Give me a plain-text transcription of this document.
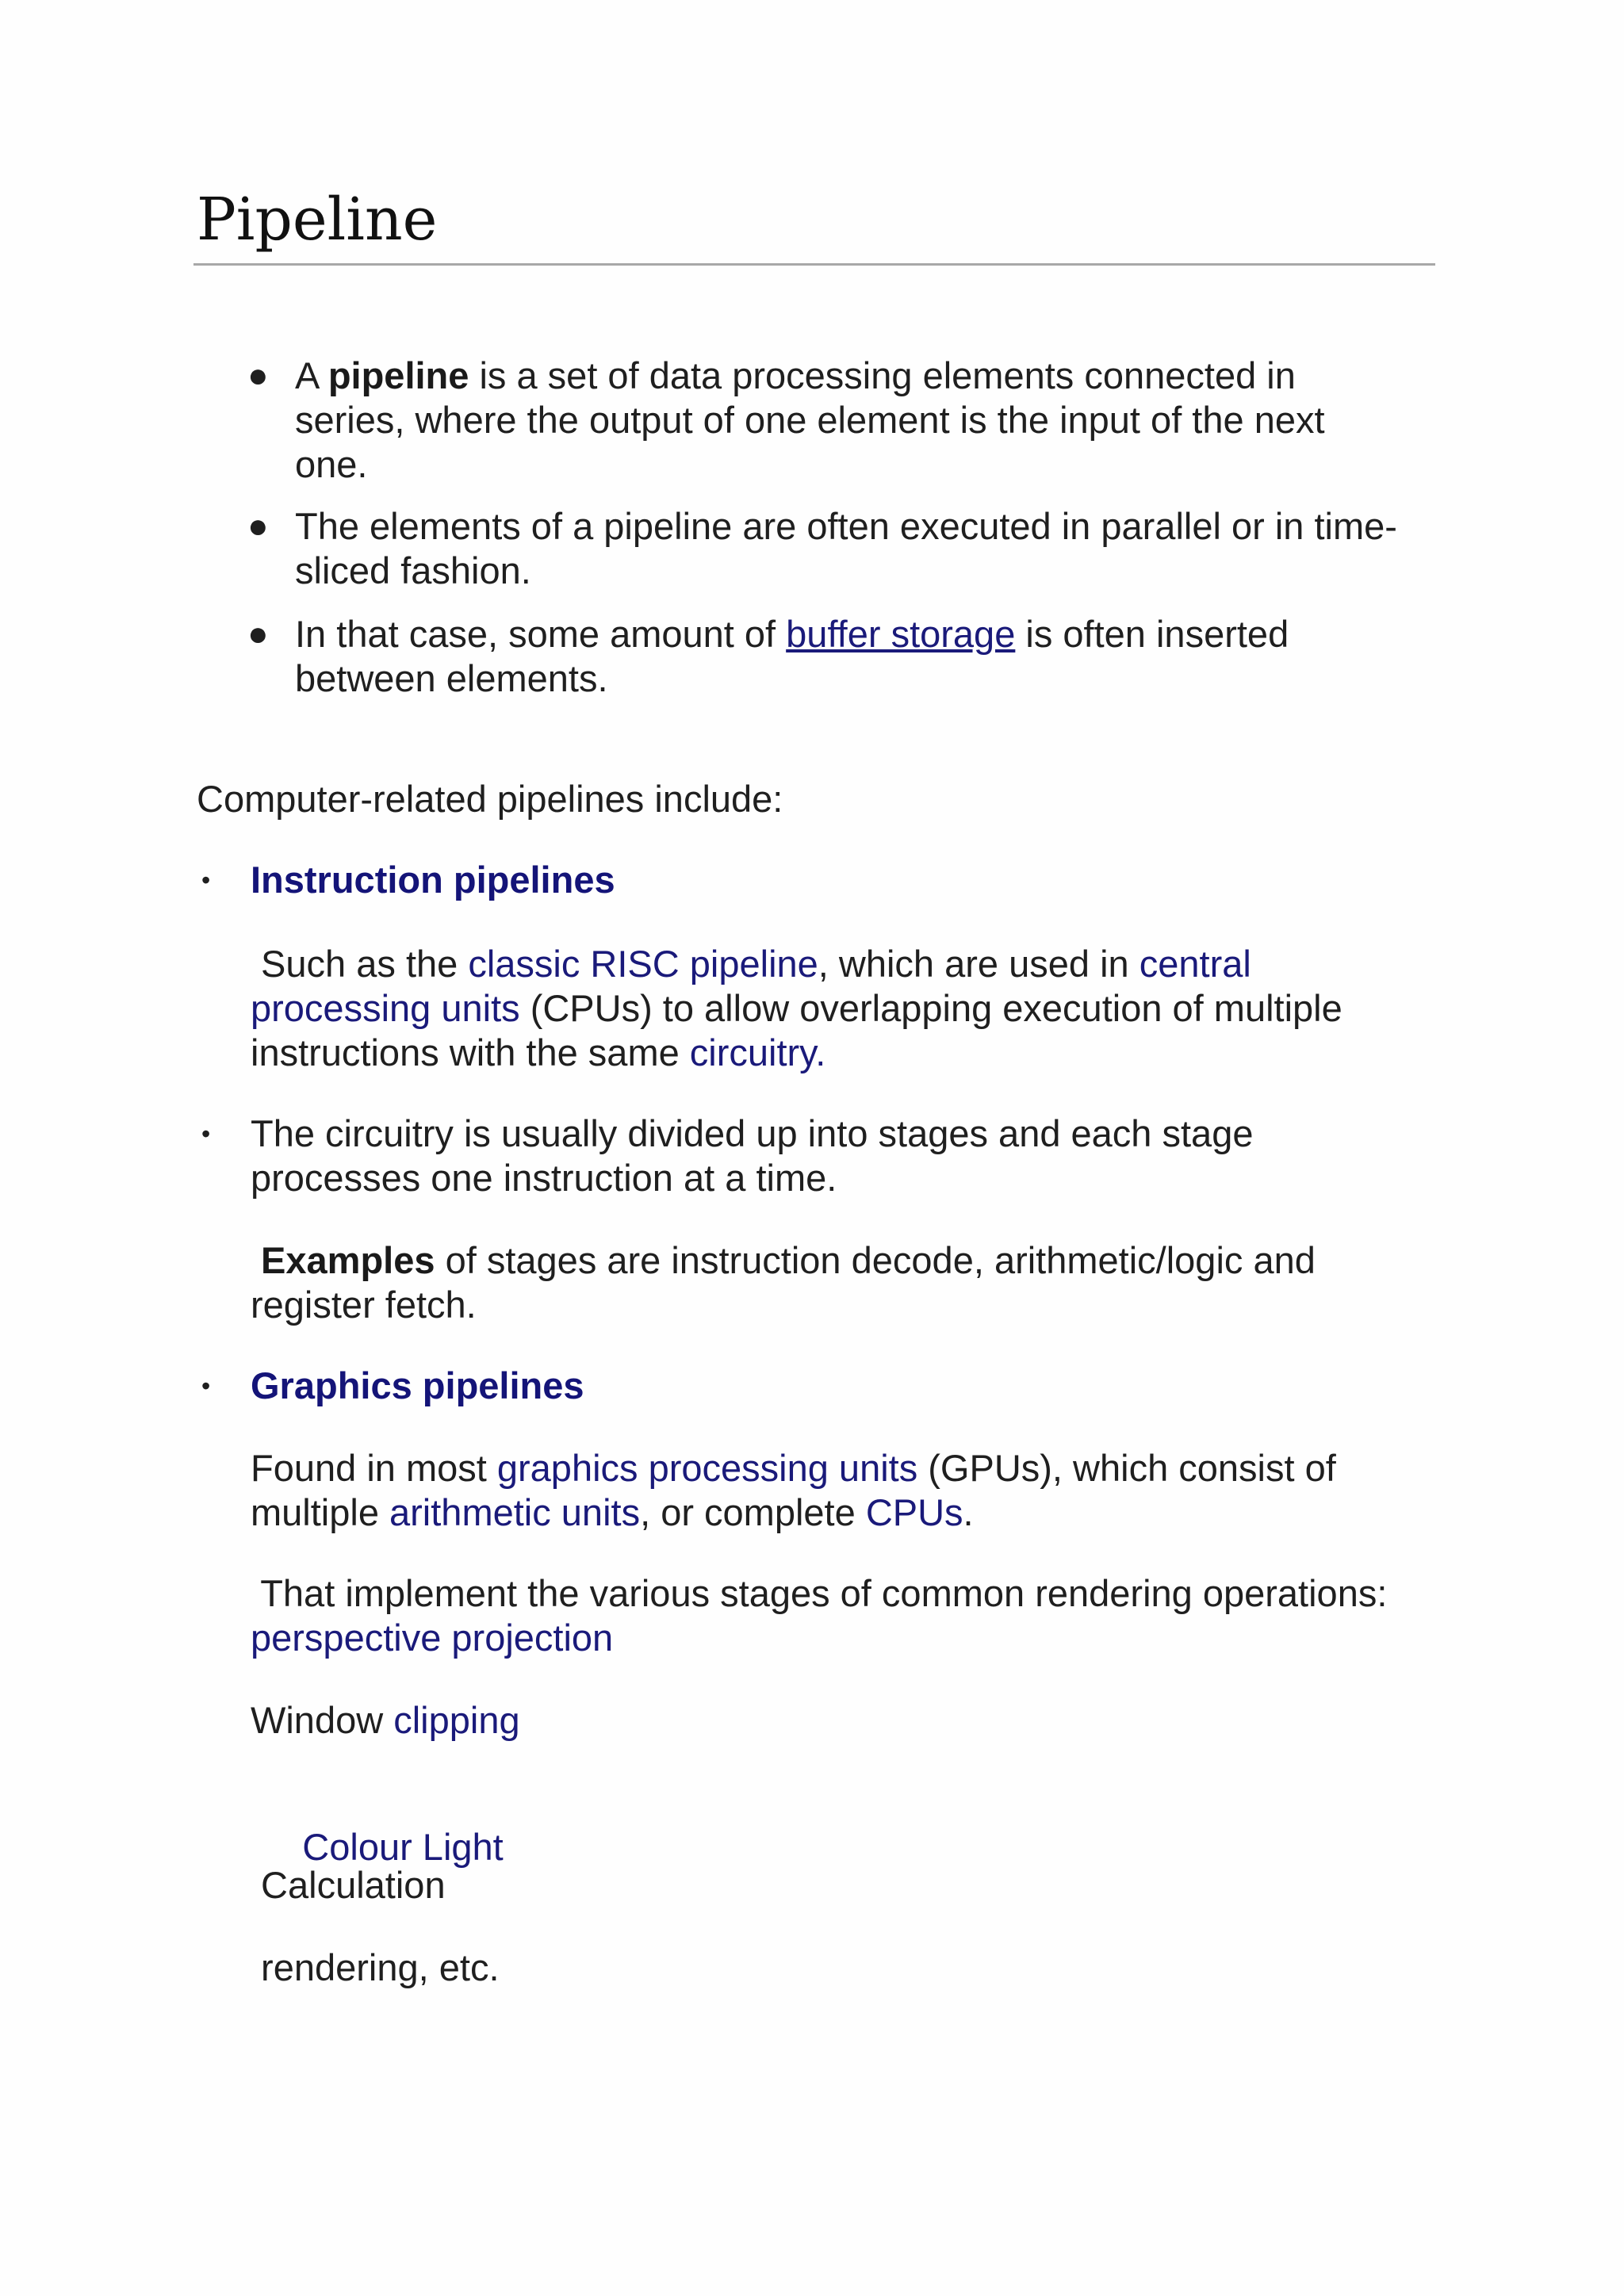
Pipeline
● A pipeline is a set of data processing elements connected in
series, where the output of one element is the input of the next
one.
● The elements of a pipeline are often executed in parallel or in time-
sliced fashion.
● In that case, some amount of buffer storage is often inserted
between elements.
Computer-related pipelines include:
• Instruction pipelines
Such as the classic RISC pipeline, which are used in central
processing units (CPUs) to allow overlapping execution of multiple
instructions with the same circuitry.
• The circuitry is usually divided up into stages and each stage
processes one instruction at a time.
Examples of stages are instruction decode, arithmetic/logic and
register fetch.
• Graphics pipelines
Found in most graphics processing units (GPUs), which consist of
multiple arithmetic units, or complete CPUs.
That implement the various stages of common rendering operations:
perspective projection
Window clipping

Colour Light

Calculation
rendering, etc.
